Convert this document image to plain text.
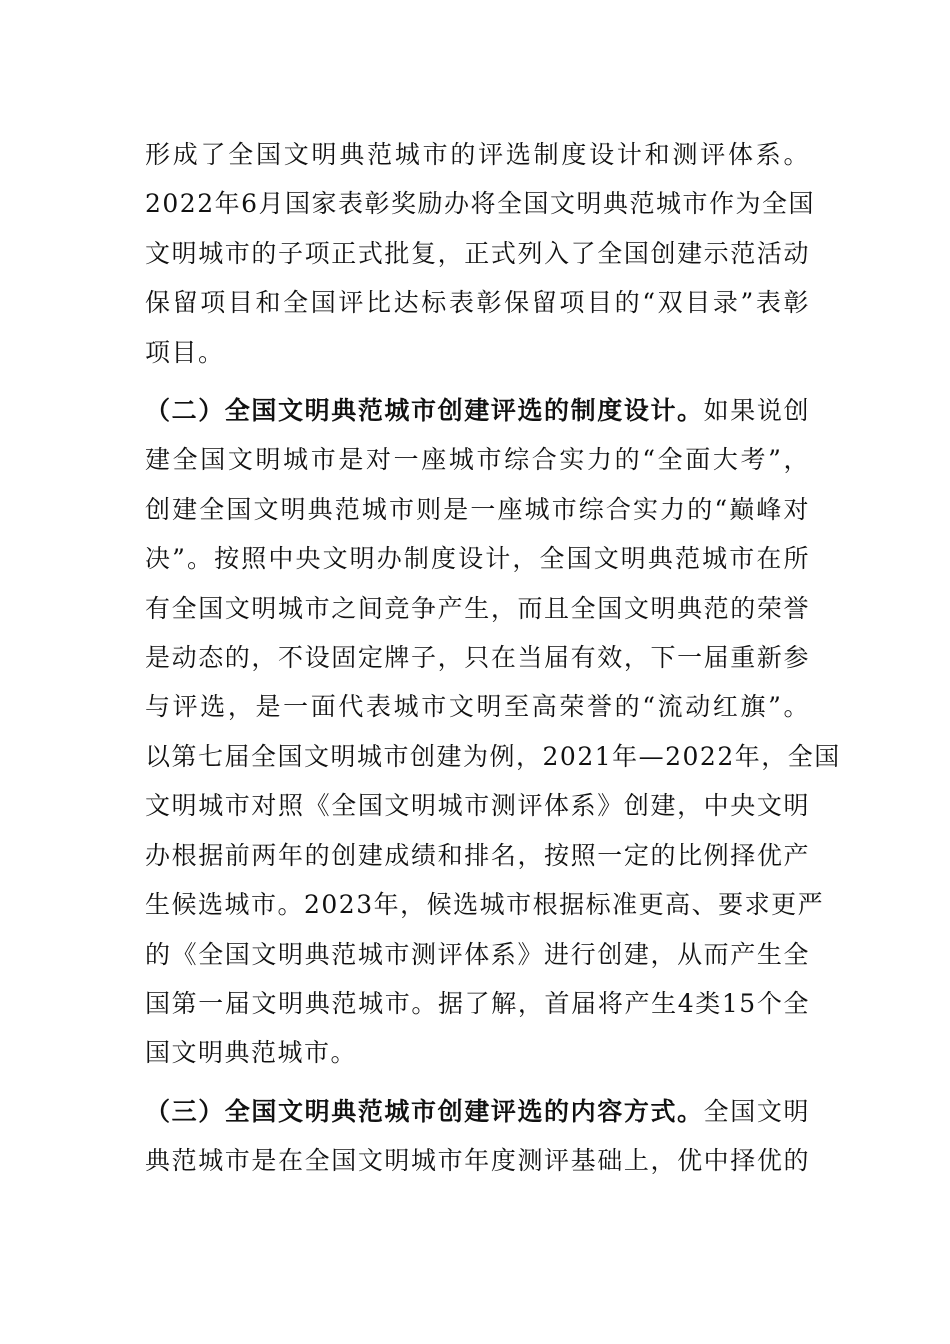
形成了全国文明典范城市的评选制度设计和测评体系。
2022年6月国家表彰奖励办将全国文明典范城市作为全国
文明城市的子项正式批复，正式列入了全国创建示范活动
保留项目和全国评比达标表彰保留项目的“双目录”表彰
项目。

（二）全国文明典范城市创建评选的制度设计。如果说创
建全国文明城市是对一座城市综合实力的“全面大考”，
创建全国文明典范城市则是一座城市综合实力的“巅峰对
决”。按照中央文明办制度设计，全国文明典范城市在所
有全国文明城市之间竞争产生，而且全国文明典范的荣誉
是动态的，不设固定牌子，只在当届有效，下一届重新参
与评选，是一面代表城市文明至高荣誉的“流动红旗”。
以第七届全国文明城市创建为例，2021年—2022年，全国
文明城市对照《全国文明城市测评体系》创建，中央文明
办根据前两年的创建成绩和排名，按照一定的比例择优产
生候选城市。2023年，候选城市根据标准更高、要求更严
的《全国文明典范城市测评体系》进行创建，从而产生全
国第一届文明典范城市。据了解，首届将产生4类15个全
国文明典范城市。

（三）全国文明典范城市创建评选的内容方式。全国文明
典范城市是在全国文明城市年度测评基础上，优中择优的
